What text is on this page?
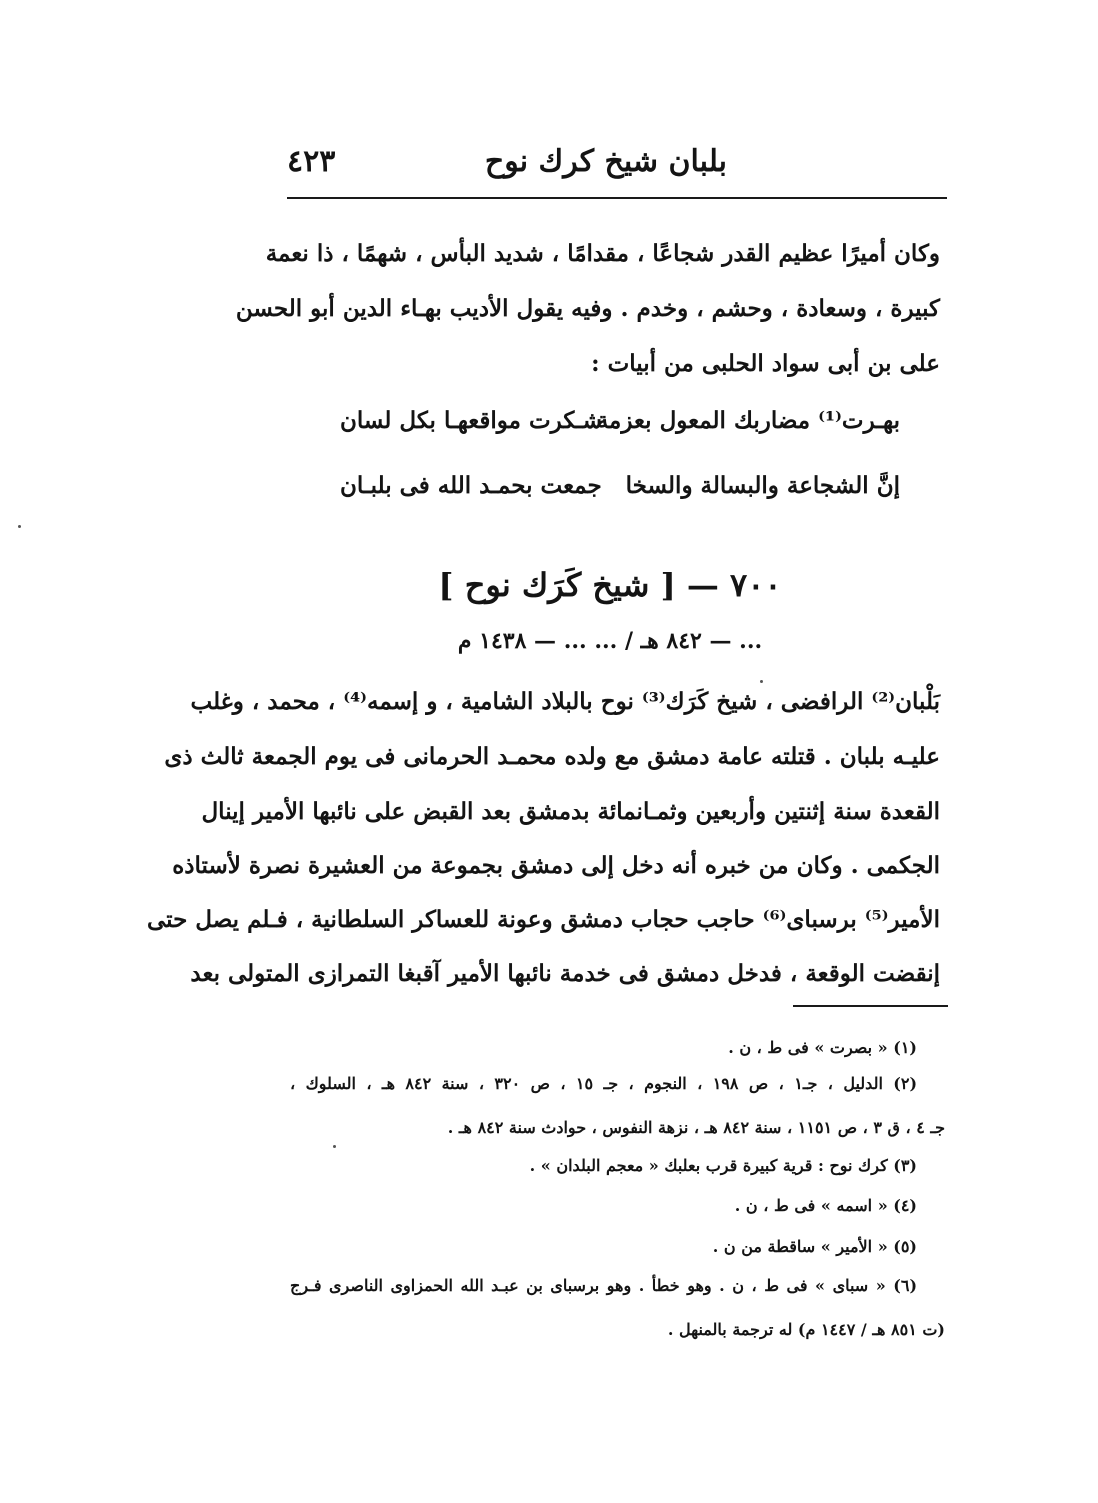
٤٢٣	بلبان شيخ كرك نوح
وكان أميرًا عظيم القدر شجاعًا ، مقدامًا ، شديد البأس ، شهمًا ، ذا نعمة
كبيرة ، وسعادة ، وحشم ، وخدم . وفيه يقول الأديب بهـاء الدين أبو الحسن
على بن أبى سواد الحلبى من أبيات :
بهـرت⁽¹⁾ مضاربك المعول بعزمة
شـكرت مواقعهـا بكل لسان
إنَّ الشجاعة والبسالة والسخا
جمعت بحمـد الله فى بلبـان
٧٠٠ — [ شيخ كَرَك نوح ]
... — ٨٤٢ هـ / ... ... — ١٤٣٨ م
بَلْبان⁽²⁾ الرافضى ، شيخ كَرَك⁽³⁾ نوح بالبلاد الشامية ، و إسمه⁽⁴⁾ ، محمد ، وغلب
عليـه بلبان . قتلته عامة دمشق مع ولده محمـد الحرمانى فى يوم الجمعة ثالث ذى
القعدة سنة إثنتين وأربعين وثمـانمائة بدمشق بعد القبض على نائبها الأمير إينال
الجكمى . وكان من خبره أنه دخل إلى دمشق بجموعة من العشيرة نصرة لأستاذه
الأمير⁽⁵⁾ برسباى⁽⁶⁾ حاجب حجاب دمشق وعونة للعساكر السلطانية ، فـلم يصل حتى
إنقضت الوقعة ، فدخل دمشق فى خدمة نائبها الأمير آقبغا التمرازى المتولى بعد
(١) « بصرت » فى ط ، ن .
(٢) الدليل ، جـ١ ، ص ١٩٨ ، النجوم ، جـ ١٥ ، ص ٣٢٠ ، سنة ٨٤٢ هـ ، السلوك ،
جـ ٤ ، ق ٣ ، ص ١١٥١ ، سنة ٨٤٢ هـ ، نزهة النفوس ، حوادث سنة ٨٤٢ هـ .
(٣) كرك نوح : قرية كبيرة قرب بعلبك « معجم البلدان » .
(٤) « اسمه » فى ط ، ن .
(٥) « الأمير » ساقطة من ن .
(٦) « سباى » فى ط ، ن . وهو خطأ . وهو برسباى بن عبـد الله الحمزاوى الناصرى فـرج
(ت ٨٥١ هـ / ١٤٤٧ م) له ترجمة بالمنهل .
